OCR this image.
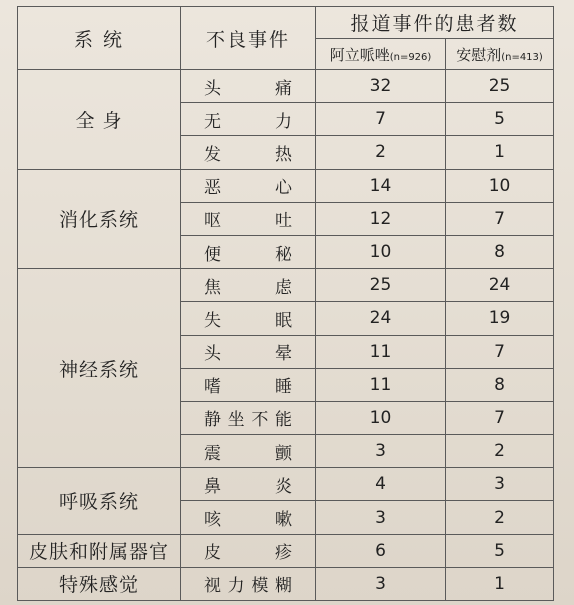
系 统	不良事件	报道事件的患者数	
		阿立哌唑(n=926)	安慰剂(n=413)
全 身	头 痛	32	25
	无 力	7	5
	发 热	2	1
消化系统	恶 心	14	10
	呕 吐	12	7
	便 秘	10	8
神经系统	焦 虑	25	24
	失 眠	24	19
	头 晕	11	7
	嗜 睡	11	8
	静坐不能	10	7
	震 颤	3	2
呼吸系统	鼻 炎	4	3
	咳 嗽	3	2
皮肤和附属器官	皮 疹	6	5
特殊感觉	视力模糊	3	1
